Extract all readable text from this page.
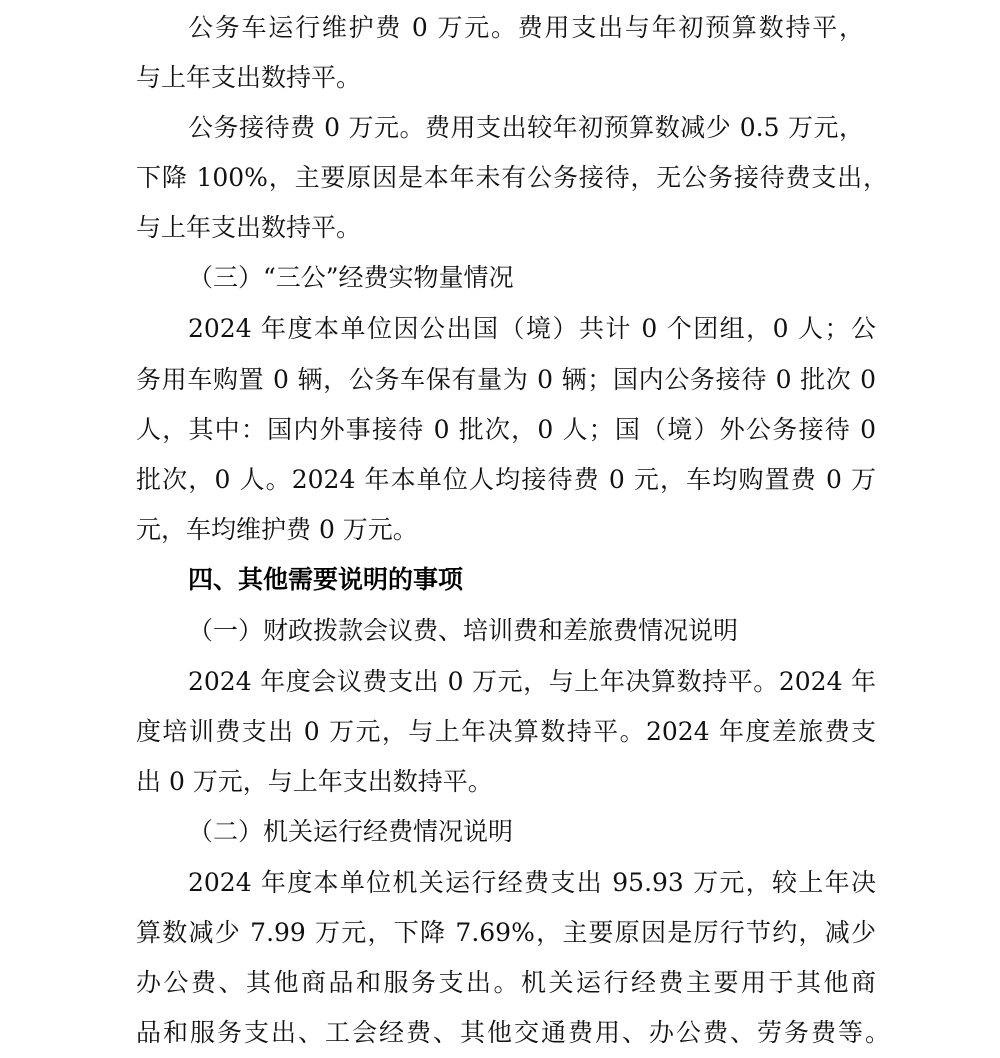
公务车运行维护费 0 万元。费用支出与年初预算数持平，
与上年支出数持平。
公务接待费 0 万元。费用支出较年初预算数减少 0.5 万元，
下降 100%，主要原因是本年未有公务接待，无公务接待费支出，
与上年支出数持平。
（三）“三公”经费实物量情况
2024 年度本单位因公出国（境）共计 0 个团组，0 人；公
务用车购置 0 辆，公务车保有量为 0 辆；国内公务接待 0 批次 0
人，其中：国内外事接待 0 批次，0 人；国（境）外公务接待 0
批次，0 人。2024 年本单位人均接待费 0 元，车均购置费 0 万
元，车均维护费 0 万元。
四、其他需要说明的事项
（一）财政拨款会议费、培训费和差旅费情况说明
2024 年度会议费支出 0 万元，与上年决算数持平。2024 年
度培训费支出 0 万元，与上年决算数持平。2024 年度差旅费支
出 0 万元，与上年支出数持平。
（二）机关运行经费情况说明
2024 年度本单位机关运行经费支出 95.93 万元，较上年决
算数减少 7.99 万元，下降 7.69%，主要原因是厉行节约，减少
办公费、其他商品和服务支出。机关运行经费主要用于其他商
品和服务支出、工会经费、其他交通费用、办公费、劳务费等。
